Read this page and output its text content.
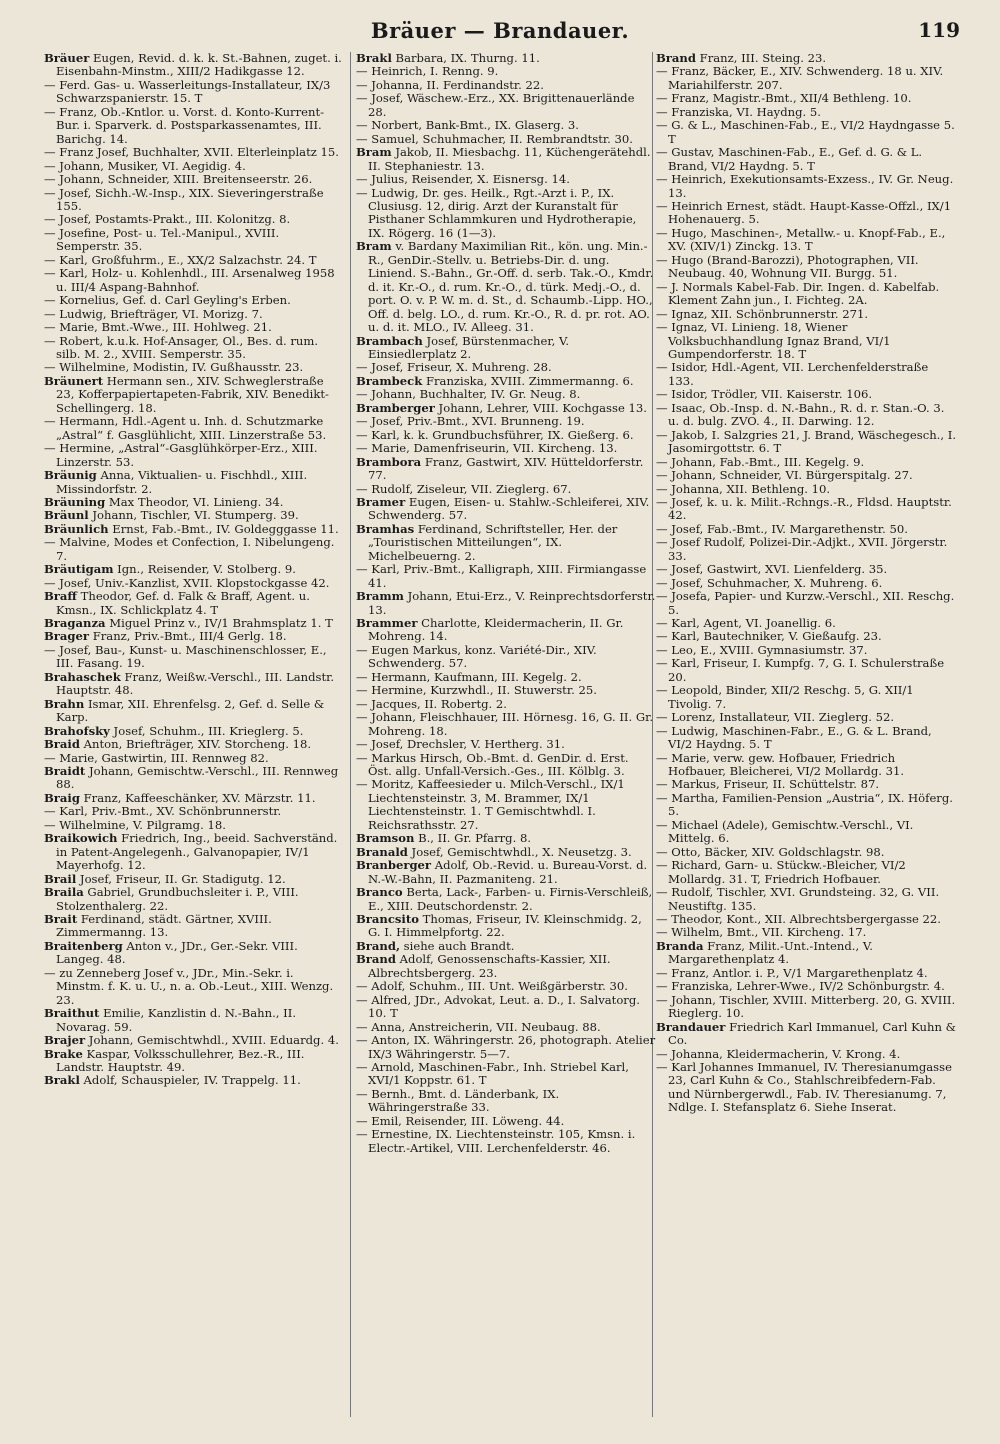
Bräuer — Brandauer.	119

Bräuer Eugen, Revid. d. k. k. St.-Bahnen, zuget. i. Eisenbahn-Minstm., XIII/2 Hadikgasse 12.

— Ferd. Gas- u. Wasserleitungs-Installateur, IX/3 Schwarzspanierstr. 15. T

— Franz, Ob.-Kntlor. u. Vorst. d. Konto-Kurrent-Bur. i. Sparverk. d. Postsparkassenamtes, III. Barichg. 14.

— Franz Josef, Buchhalter, XVII. Elterleinplatz 15.

— Johann, Musiker, VI. Aegidig. 4.

— Johann, Schneider, XIII. Breitenseerstr. 26.

— Josef, Sichh.-W.-Insp., XIX. Sieveringerstraße 155.

— Josef, Postamts-Prakt., III. Kolonitzg. 8.

— Josefine, Post- u. Tel.-Manipul., XVIII. Semperstr. 35.

— Karl, Großfuhrm., E., XX/2 Salzachstr. 24. T

— Karl, Holz- u. Kohlenhdl., III. Arsenalweg 1958 u. III/4 Aspang-Bahnhof.

— Kornelius, Gef. d. Carl Geyling's Erben.

— Ludwig, Briefträger, VI. Morizg. 7.

— Marie, Bmt.-Wwe., III. Hohlweg. 21.

— Robert, k.u.k. Hof-Ansager, Ol., Bes. d. rum. silb. M. 2., XVIII. Semperstr. 35.

— Wilhelmine, Modistin, IV. Gußhausstr. 23.

Bräunert Hermann sen., XIV. Schweglerstraße 23, Kofferpapiertapeten-Fabrik, XIV. Benedikt-Schellingerg. 18.

— Hermann, Hdl.-Agent u. Inh. d. Schutzmarke „Astral“ f. Gasglühlicht, XIII. Linzerstraße 53.

— Hermine, „Astral“-Gasglühkörper-Erz., XIII. Linzerstr. 53.

Bräunig Anna, Viktualien- u. Fischhdl., XIII. Missindorfstr. 2.

Bräuning Max Theodor, VI. Linieng. 34.

Bräunl Johann, Tischler, VI. Stumperg. 39.

Bräunlich Ernst, Fab.-Bmt., IV. Goldegggasse 11.

— Malvine, Modes et Confection, I. Nibelungeng. 7.

Bräutigam Ign., Reisender, V. Stolberg. 9.

— Josef, Univ.-Kanzlist, XVII. Klopstockgasse 42.

Braff Theodor, Gef. d. Falk & Braff, Agent. u. Kmsn., IX. Schlickplatz 4. T

Braganza Miguel Prinz v., IV/1 Brahmsplatz 1. T

Brager Franz, Priv.-Bmt., III/4 Gerlg. 18.

— Josef, Bau-, Kunst- u. Maschinenschlosser, E., III. Fasang. 19.

Brahaschek Franz, Weißw.-Verschl., III. Landstr. Hauptstr. 48.

Brahn Ismar, XII. Ehrenfelsg. 2, Gef. d. Selle & Karp.

Brahofsky Josef, Schuhm., III. Krieglerg. 5.

Braid Anton, Briefträger, XIV. Storcheng. 18.

— Marie, Gastwirtin, III. Rennweg 82.

Braidt Johann, Gemischtw.-Verschl., III. Rennweg 88.

Braig Franz, Kaffeeschänker, XV. Märzstr. 11.

— Karl, Priv.-Bmt., XV. Schönbrunnerstr.

— Wilhelmine, V. Pilgramg. 18.

Braikowich Friedrich, Ing., beeid. Sachverständ. in Patent-Angelegenh., Galvanopapier, IV/1 Mayerhofg. 12.

Brail Josef, Friseur, II. Gr. Stadigutg. 12.

Braila Gabriel, Grundbuchsleiter i. P., VIII. Stolzenthalerg. 22.

Brait Ferdinand, städt. Gärtner, XVIII. Zimmermanng. 13.

Braitenberg Anton v., JDr., Ger.-Sekr. VIII. Langeg. 48.

— zu Zenneberg Josef v., JDr., Min.-Sekr. i. Minstm. f. K. u. U., n. a. Ob.-Leut., XIII. Wenzg. 23.

Braithut Emilie, Kanzlistin d. N.-Bahn., II. Novarag. 59.

Brajer Johann, Gemischtwhdl., XVIII. Eduardg. 4.

Brake Kaspar, Volksschullehrer, Bez.-R., III. Landstr. Hauptstr. 49.

Brakl Adolf, Schauspieler, IV. Trappelg. 11.

Brakl Barbara, IX. Thurng. 11.

— Heinrich, I. Renng. 9.

— Johanna, II. Ferdinandstr. 22.

— Josef, Wäschew.-Erz., XX. Brigittenauerlände 28.

— Norbert, Bank-Bmt., IX. Glaserg. 3.

— Samuel, Schuhmacher, II. Rembrandtstr. 30.

Bram Jakob, II. Miesbachg. 11, Küchengerätehdl. II. Stephaniestr. 13.

— Julius, Reisender, X. Eisnersg. 14.

— Ludwig, Dr. ges. Heilk., Rgt.-Arzt i. P., IX. Clusiusg. 12, dirig. Arzt der Kuranstalt für Pisthaner Schlammkuren und Hydrotherapie, IX. Rögerg. 16 (1—3).

Bram v. Bardany Maximilian Rit., kön. ung. Min.-R., GenDir.-Stellv. u. Betriebs-Dir. d. ung. Liniend. S.-Bahn., Gr.-Off. d. serb. Tak.-O., Kmdr. d. it. Kr.-O., d. rum. Kr.-O., d. türk. Medj.-O., d. port. O. v. P. W. m. d. St., d. Schaumb.-Lipp. HO., Off. d. belg. LO., d. rum. Kr.-O., R. d. pr. rot. AO. u. d. it. MLO., IV. Alleeg. 31.

Brambach Josef, Bürstenmacher, V. Einsiedlerplatz 2.

— Josef, Friseur, X. Muhreng. 28.

Brambeck Franziska, XVIII. Zimmermanng. 6.

— Johann, Buchhalter, IV. Gr. Neug. 8.

Bramberger Johann, Lehrer, VIII. Kochgasse 13.

— Josef, Priv.-Bmt., XVI. Brunneng. 19.

— Karl, k. k. Grundbuchsführer, IX. Gießerg. 6.

— Marie, Damenfriseurin, VII. Kircheng. 13.

Brambora Franz, Gastwirt, XIV. Hütteldorferstr. 77.

— Rudolf, Ziseleur, VII. Zieglerg. 67.

Bramer Eugen, Eisen- u. Stahlw.-Schleiferei, XIV. Schwenderg. 57.

Bramhas Ferdinand, Schriftsteller, Her. der „Touristischen Mitteilungen“, IX. Michelbeuerng. 2.

— Karl, Priv.-Bmt., Kalligraph, XIII. Firmiangasse 41.

Bramm Johann, Etui-Erz., V. Reinprechtsdorferstr. 13.

Brammer Charlotte, Kleidermacherin, II. Gr. Mohreng. 14.

— Eugen Markus, konz. Variété-Dir., XIV. Schwenderg. 57.

— Hermann, Kaufmann, III. Kegelg. 2.

— Hermine, Kurzwhdl., II. Stuwerstr. 25.

— Jacques, II. Robertg. 2.

— Johann, Fleischhauer, III. Hörnesg. 16, G. II. Gr. Mohreng. 18.

— Josef, Drechsler, V. Hertherg. 31.

— Markus Hirsch, Ob.-Bmt. d. GenDir. d. Erst. Öst. allg. Unfall-Versich.-Ges., III. Kölblg. 3.

— Moritz, Kaffeesieder u. Milch-Verschl., IX/1 Liechtensteinstr. 3, M. Brammer, IX/1 Liechtensteinstr. 1. T Gemischtwhdl. I. Reichsrathsstr. 27.

Bramson B., II. Gr. Pfarrg. 8.

Branald Josef, Gemischtwhdl., X. Neusetzg. 3.

Branberger Adolf, Ob.-Revid. u. Bureau-Vorst. d. N.-W.-Bahn, II. Pazmaniteng. 21.

Branco Berta, Lack-, Farben- u. Firnis-Verschleiß, E., XIII. Deutschordenstr. 2.

Brancsito Thomas, Friseur, IV. Kleinschmidg. 2, G. I. Himmelpfortg. 22.

Brand, siehe auch Brandt.

Brand Adolf, Genossenschafts-Kassier, XII. Albrechtsbergerg. 23.

— Adolf, Schuhm., III. Unt. Weißgärberstr. 30.

— Alfred, JDr., Advokat, Leut. a. D., I. Salvatorg. 10. T

— Anna, Anstreicherin, VII. Neubaug. 88.

— Anton, IX. Währingerstr. 26, photograph. Atelier IX/3 Währingerstr. 5—7.

— Arnold, Maschinen-Fabr., Inh. Striebel Karl, XVI/1 Koppstr. 61. T

— Bernh., Bmt. d. Länderbank, IX. Währingerstraße 33.

— Emil, Reisender, III. Löweng. 44.

— Ernestine, IX. Liechtensteinstr. 105, Kmsn. i. Electr.-Artikel, VIII. Lerchenfelderstr. 46.

Brand Franz, III. Steing. 23.

— Franz, Bäcker, E., XIV. Schwenderg. 18 u. XIV. Mariahilferstr. 207.

— Franz, Magistr.-Bmt., XII/4 Bethleng. 10.

— Franziska, VI. Haydng. 5.

— G. & L., Maschinen-Fab., E., VI/2 Haydngasse 5. T

— Gustav, Maschinen-Fab., E., Gef. d. G. & L. Brand, VI/2 Haydng. 5. T

— Heinrich, Exekutionsamts-Exzess., IV. Gr. Neug. 13.

— Heinrich Ernest, städt. Haupt-Kasse-Offzl., IX/1 Hohenauerg. 5.

— Hugo, Maschinen-, Metallw.- u. Knopf-Fab., E., XV. (XIV/1) Zinckg. 13. T

— Hugo (Brand-Barozzi), Photographen, VII. Neubaug. 40, Wohnung VII. Burgg. 51.

— J. Normals Kabel-Fab. Dir. Ingen. d. Kabelfab. Klement Zahn jun., I. Fichteg. 2A.

— Ignaz, XII. Schönbrunnerstr. 271.

— Ignaz, VI. Linieng. 18, Wiener Volksbuchhandlung Ignaz Brand, VI/1 Gumpendorferstr. 18. T

— Isidor, Hdl.-Agent, VII. Lerchenfelderstraße 133.

— Isidor, Trödler, VII. Kaiserstr. 106.

— Isaac, Ob.-Insp. d. N.-Bahn., R. d. r. Stan.-O. 3. u. d. bulg. ZVO. 4., II. Darwing. 12.

— Jakob, I. Salzgries 21, J. Brand, Wäschegesch., I. Jasomirgottstr. 6. T

— Johann, Fab.-Bmt., III. Kegelg. 9.

— Johann, Schneider, VI. Bürgerspitalg. 27.

— Johanna, XII. Bethleng. 10.

— Josef, k. u. k. Milit.-Rchngs.-R., Fldsd. Hauptstr. 42.

— Josef, Fab.-Bmt., IV. Margarethenstr. 50.

— Josef Rudolf, Polizei-Dir.-Adjkt., XVII. Jörgerstr. 33.

— Josef, Gastwirt, XVI. Lienfelderg. 35.

— Josef, Schuhmacher, X. Muhreng. 6.

— Josefa, Papier- und Kurzw.-Verschl., XII. Reschg. 5.

— Karl, Agent, VI. Joanellig. 6.

— Karl, Bautechniker, V. Gießaufg. 23.

— Leo, E., XVIII. Gymnasiumstr. 37.

— Karl, Friseur, I. Kumpfg. 7, G. I. Schulerstraße 20.

— Leopold, Binder, XII/2 Reschg. 5, G. XII/1 Tivolig. 7.

— Lorenz, Installateur, VII. Zieglerg. 52.

— Ludwig, Maschinen-Fabr., E., G. & L. Brand, VI/2 Haydng. 5. T

— Marie, verw. gew. Hofbauer, Friedrich Hofbauer, Bleicherei, VI/2 Mollardg. 31.

— Markus, Friseur, II. Schüttelstr. 87.

— Martha, Familien-Pension „Austria“, IX. Höferg. 5.

— Michael (Adele), Gemischtw.-Verschl., VI. Mittelg. 6.

— Otto, Bäcker, XIV. Goldschlagstr. 98.

— Richard, Garn- u. Stückw.-Bleicher, VI/2 Mollardg. 31. T, Friedrich Hofbauer.

— Rudolf, Tischler, XVI. Grundsteing. 32, G. VII. Neustiftg. 135.

— Theodor, Kont., XII. Albrechtsbergergasse 22.

— Wilhelm, Bmt., VII. Kircheng. 17.

Branda Franz, Milit.-Unt.-Intend., V. Margarethenplatz 4.

— Franz, Antlor. i. P., V/1 Margarethenplatz 4.

— Franziska, Lehrer-Wwe., IV/2 Schönburgstr. 4.

— Johann, Tischler, XVIII. Mitterberg. 20, G. XVIII. Rieglerg. 10.

Brandauer Friedrich Karl Immanuel, Carl Kuhn & Co.

— Johanna, Kleidermacherin, V. Krong. 4.

— Karl Johannes Immanuel, IV. Theresianumgasse 23, Carl Kuhn & Co., Stahlschreibfedern-Fab. und Nürnbergerwdl., Fab. IV. Theresianumg. 7, Ndlge. I. Stefansplatz 6. Siehe Inserat.
